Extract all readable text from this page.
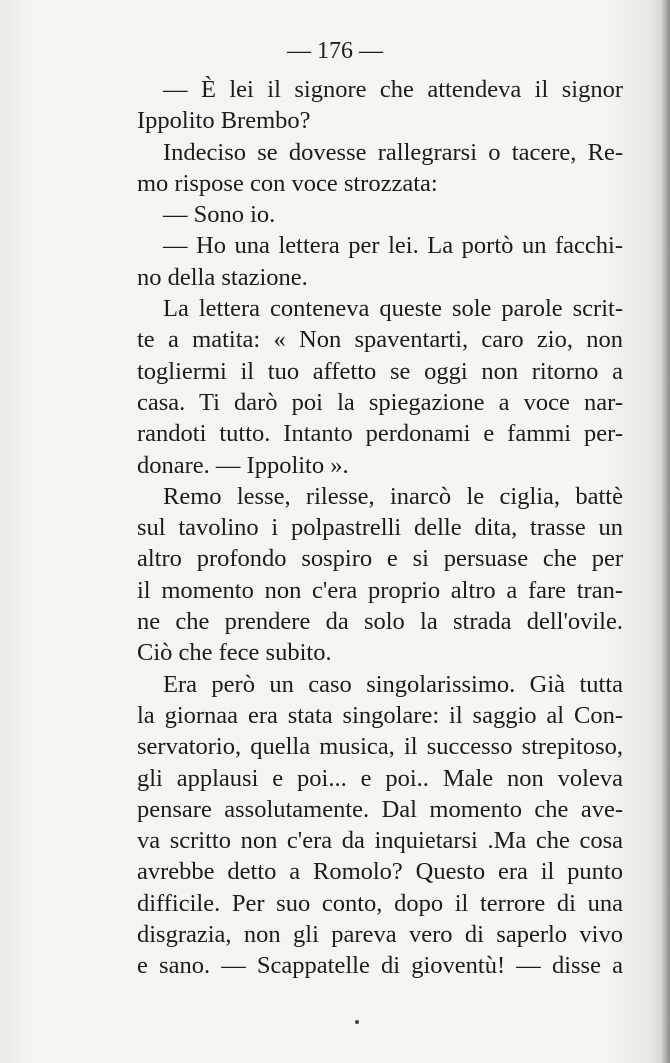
— 176 —
— È lei il signore che attendeva il signor
Ippolito Brembo?
Indeciso se dovesse rallegrarsi o tacere, Re-
mo rispose con voce strozzata:
— Sono io.
— Ho una lettera per lei. La portò un facchi-
no della stazione.
La lettera conteneva queste sole parole scrit-
te a matita: « Non spaventarti, caro zio, non
togliermi il tuo affetto se oggi non ritorno a
casa. Ti darò poi la spiegazione a voce nar-
randoti tutto. Intanto perdonami e fammi per-
donare. — Ippolito ».
Remo lesse, rilesse, inarcò le ciglia, battè
sul tavolino i polpastrelli delle dita, trasse un
altro profondo sospiro e si persuase che per
il momento non c'era proprio altro a fare tran-
ne che prendere da solo la strada dell'ovile.
Ciò che fece subito.
Era però un caso singolarissimo. Già tutta
la giornaa era stata singolare: il saggio al Con-
servatorio, quella musica, il successo strepitoso,
gli applausi e poi... e poi.. Male non voleva
pensare assolutamente. Dal momento che ave-
va scritto non c'era da inquietarsi .Ma che cosa
avrebbe detto a Romolo? Questo era il punto
difficile. Per suo conto, dopo il terrore di una
disgrazia, non gli pareva vero di saperlo vivo
e sano. — Scappatelle di gioventù! — disse a
